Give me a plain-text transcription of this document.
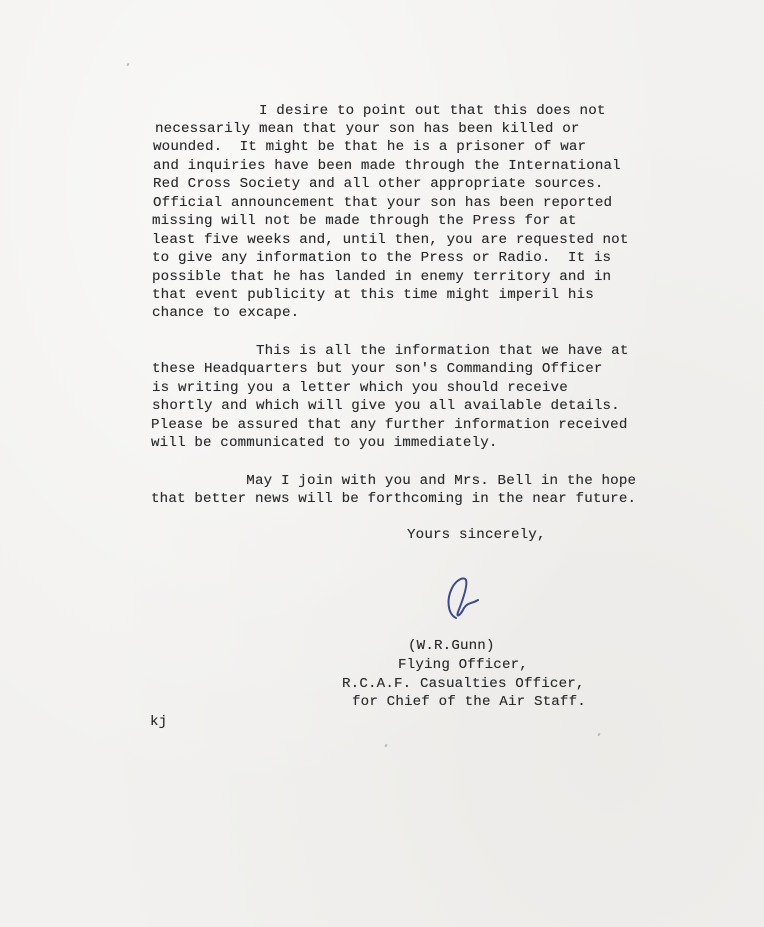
I desire to point out that this does not
necessarily mean that your son has been killed or
wounded.  It might be that he is a prisoner of war
and inquiries have been made through the International
Red Cross Society and all other appropriate sources.
Official announcement that your son has been reported
missing will not be made through the Press for at
least five weeks and, until then, you are requested not
to give any information to the Press or Radio.  It is
possible that he has landed in enemy territory and in
that event publicity at this time might imperil his
chance to excape.
This is all the information that we have at
these Headquarters but your son's Commanding Officer
is writing you a letter which you should receive
shortly and which will give you all available details.
Please be assured that any further information received
will be communicated to you immediately.
May I join with you and Mrs. Bell in the hope
that better news will be forthcoming in the near future.
Yours sincerely,
(W.R.Gunn)
Flying Officer,
R.C.A.F. Casualties Officer,
for Chief of the Air Staff.
kj
